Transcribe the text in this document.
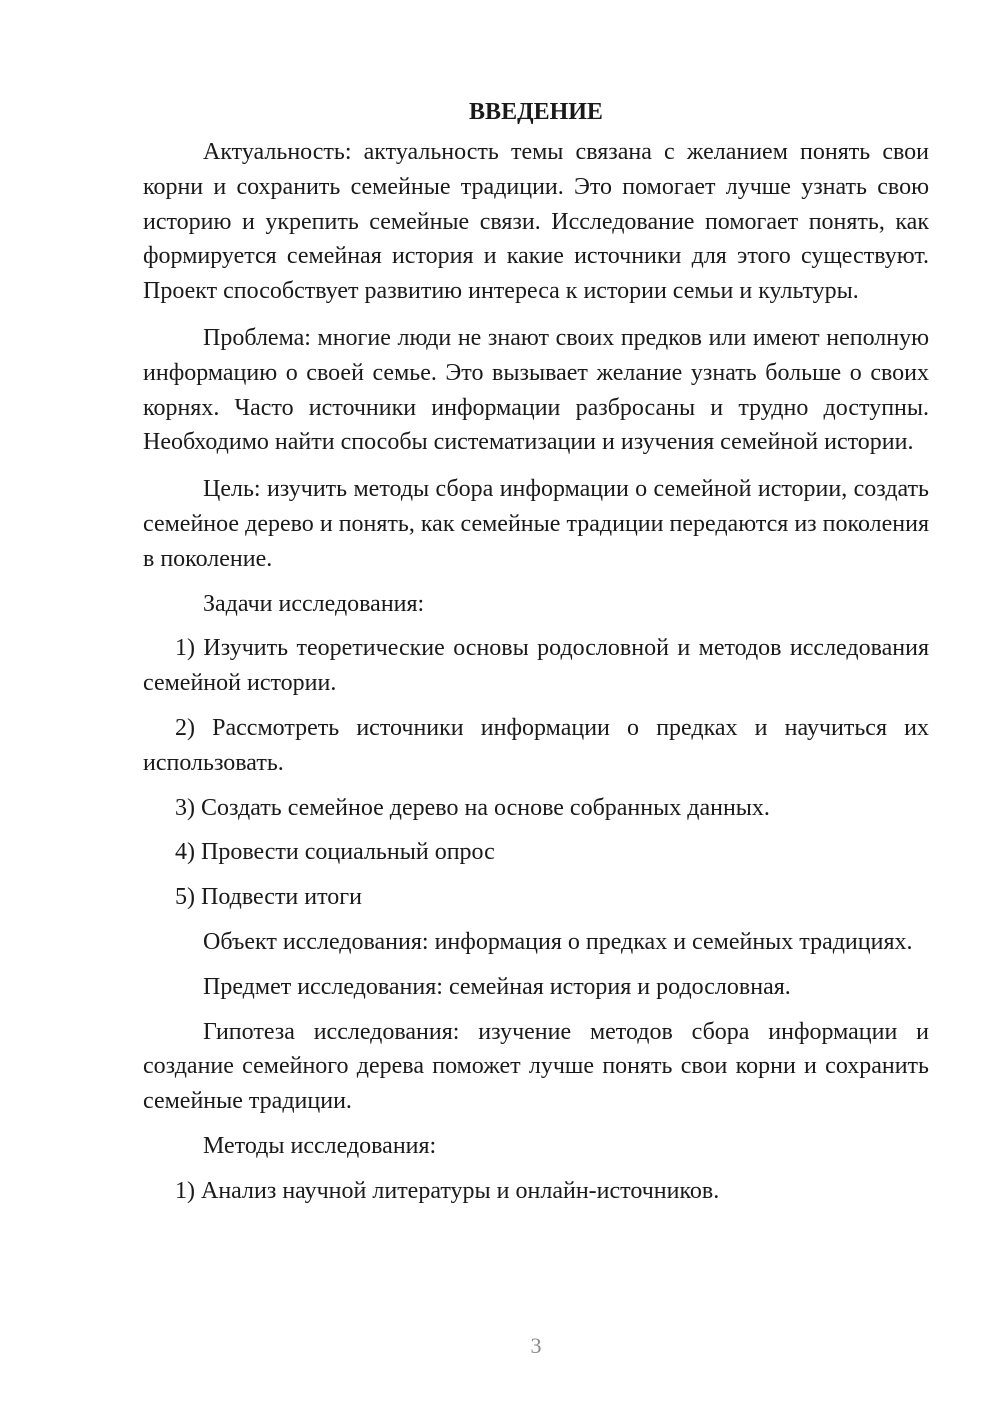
ВВЕДЕНИЕ

Актуальность: актуальность темы связана с желанием понять свои корни и сохранить семейные традиции. Это помогает лучше узнать свою историю и укрепить семейные связи. Исследование помогает понять, как формируется семейная история и какие источники для этого существуют. Проект способствует развитию интереса к истории семьи и культуры.

Проблема: многие люди не знают своих предков или имеют неполную информацию о своей семье. Это вызывает желание узнать больше о своих корнях. Часто источники информации разбросаны и трудно доступны. Необходимо найти способы систематизации и изучения семейной истории.

Цель: изучить методы сбора информации о семейной истории, создать семейное дерево и понять, как семейные традиции передаются из поколения в поколение.

Задачи исследования:

1) Изучить теоретические основы родословной и методов исследования семейной истории.

2) Рассмотреть источники информации о предках и научиться их использовать.

3) Создать семейное дерево на основе собранных данных.

4) Провести социальный опрос

5) Подвести итоги

Объект исследования: информация о предках и семейных традициях.

Предмет исследования: семейная история и родословная.

Гипотеза исследования: изучение методов сбора информации и создание семейного дерева поможет лучше понять свои корни и сохранить семейные традиции.

Методы исследования:

1) Анализ научной литературы и онлайн-источников.

3
